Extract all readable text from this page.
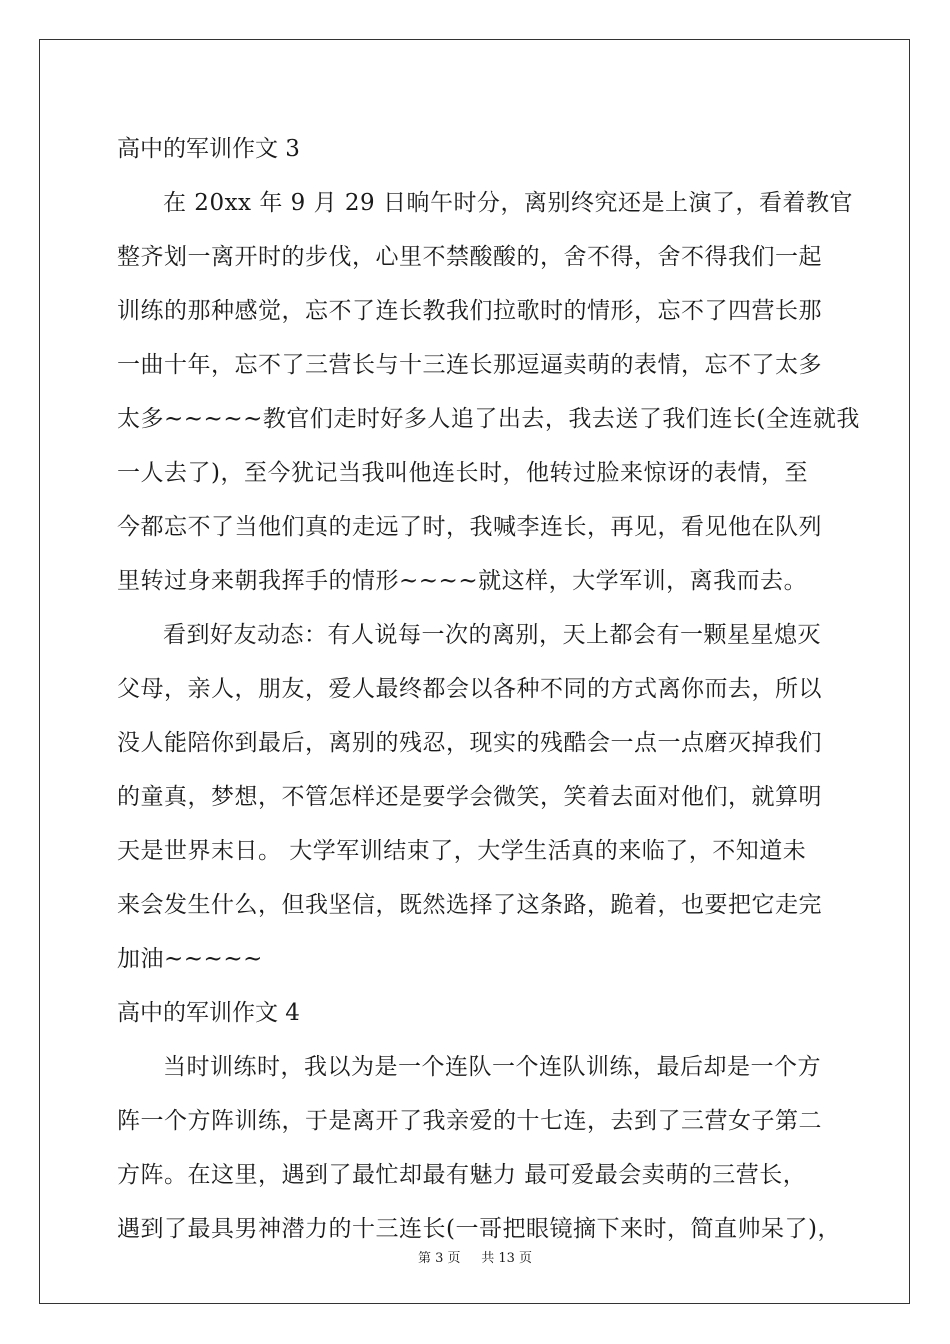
高中的军训作文 3
在 20xx 年 9 月 29 日晌午时分，离别终究还是上演了，看着教官
整齐划一离开时的步伐，心里不禁酸酸的，舍不得，舍不得我们一起
训练的那种感觉，忘不了连长教我们拉歌时的情形，忘不了四营长那
一曲十年，忘不了三营长与十三连长那逗逼卖萌的表情，忘不了太多
太多~~~~~教官们走时好多人追了出去，我去送了我们连长(全连就我
一人去了)，至今犹记当我叫他连长时，他转过脸来惊讶的表情，至
今都忘不了当他们真的走远了时，我喊李连长，再见，看见他在队列
里转过身来朝我挥手的情形~~~~就这样，大学军训，离我而去。
看到好友动态：有人说每一次的离别，天上都会有一颗星星熄灭
父母，亲人，朋友，爱人最终都会以各种不同的方式离你而去，所以
没人能陪你到最后，离别的残忍，现实的残酷会一点一点磨灭掉我们
的童真，梦想，不管怎样还是要学会微笑，笑着去面对他们，就算明
天是世界末日。 大学军训结束了，大学生活真的来临了，不知道未
来会发生什么，但我坚信，既然选择了这条路，跪着，也要把它走完
加油~~~~~
高中的军训作文 4
当时训练时，我以为是一个连队一个连队训练，最后却是一个方
阵一个方阵训练，于是离开了我亲爱的十七连，去到了三营女子第二
方阵。在这里，遇到了最忙却最有魅力 最可爱最会卖萌的三营长，
遇到了最具男神潜力的十三连长(一哥把眼镜摘下来时，简直帅呆了)，
第 3 页 共 13 页
